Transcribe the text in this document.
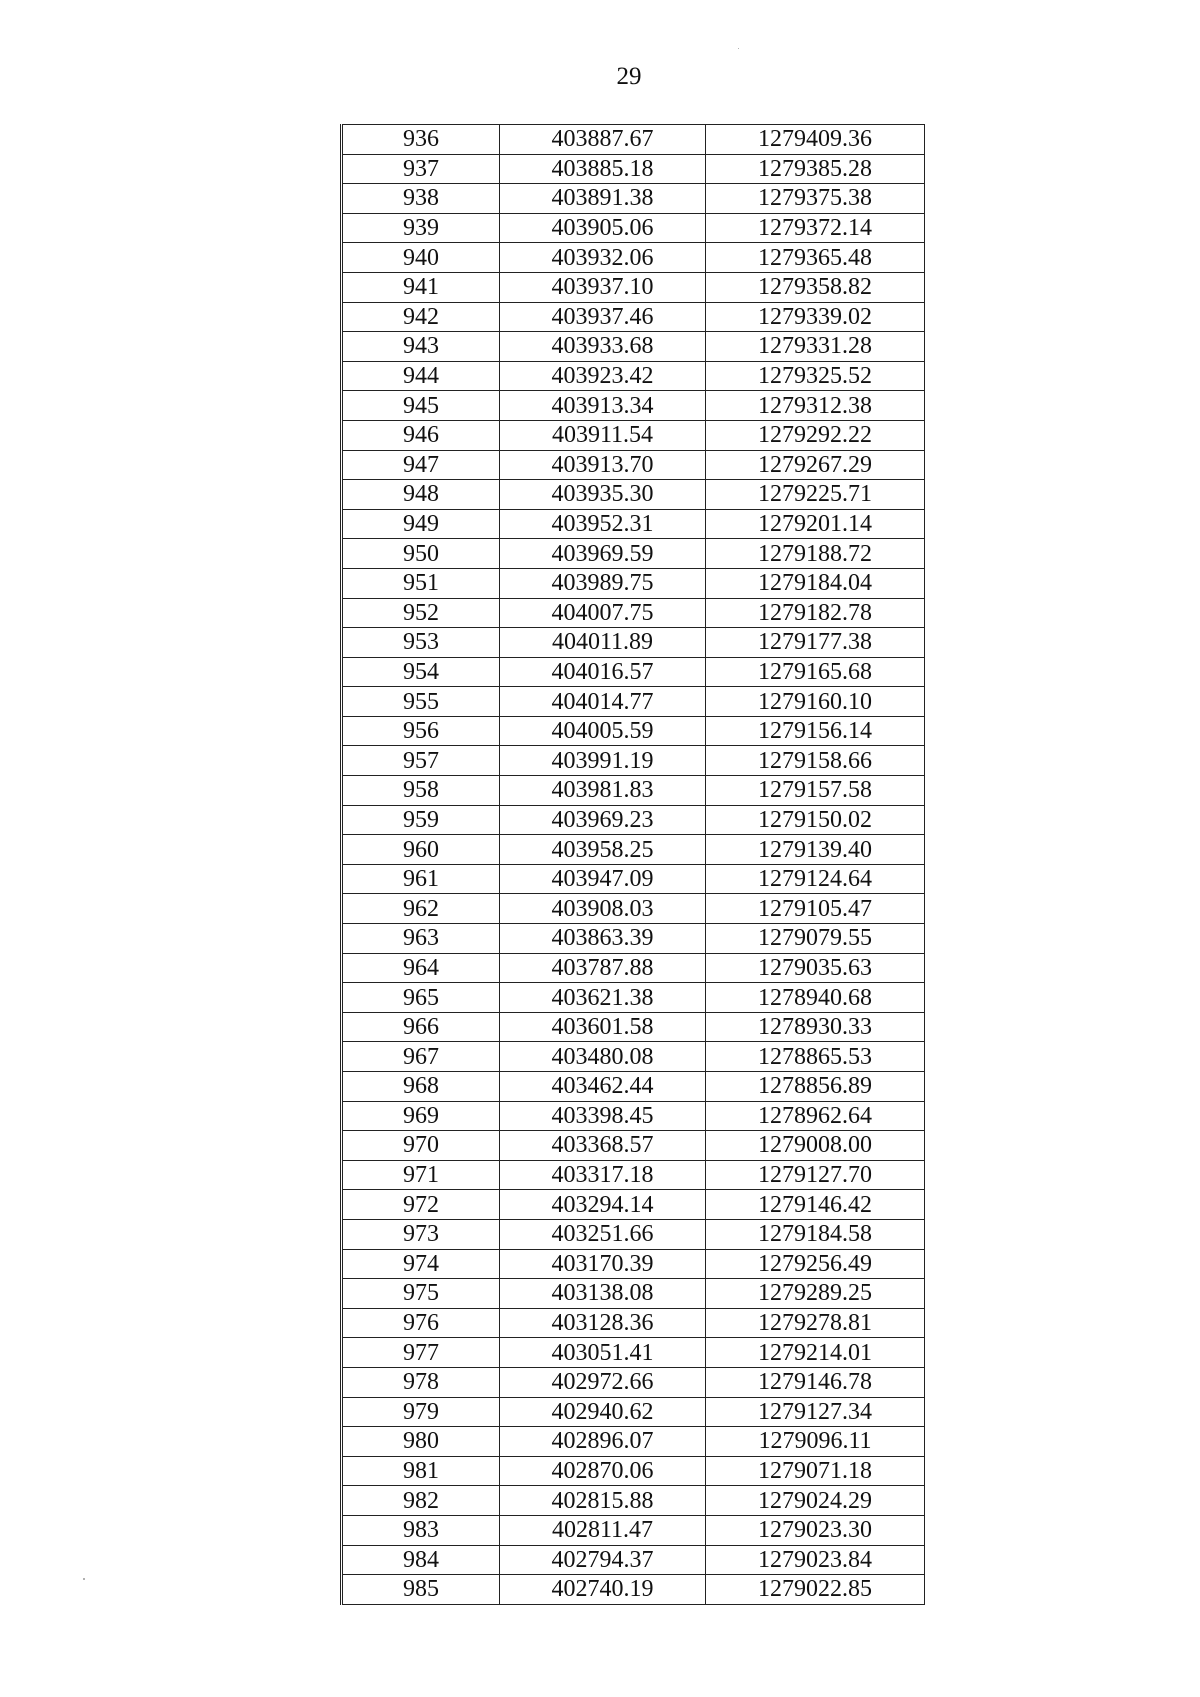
29
936	403887.67	1279409.36
937	403885.18	1279385.28
938	403891.38	1279375.38
939	403905.06	1279372.14
940	403932.06	1279365.48
941	403937.10	1279358.82
942	403937.46	1279339.02
943	403933.68	1279331.28
944	403923.42	1279325.52
945	403913.34	1279312.38
946	403911.54	1279292.22
947	403913.70	1279267.29
948	403935.30	1279225.71
949	403952.31	1279201.14
950	403969.59	1279188.72
951	403989.75	1279184.04
952	404007.75	1279182.78
953	404011.89	1279177.38
954	404016.57	1279165.68
955	404014.77	1279160.10
956	404005.59	1279156.14
957	403991.19	1279158.66
958	403981.83	1279157.58
959	403969.23	1279150.02
960	403958.25	1279139.40
961	403947.09	1279124.64
962	403908.03	1279105.47
963	403863.39	1279079.55
964	403787.88	1279035.63
965	403621.38	1278940.68
966	403601.58	1278930.33
967	403480.08	1278865.53
968	403462.44	1278856.89
969	403398.45	1278962.64
970	403368.57	1279008.00
971	403317.18	1279127.70
972	403294.14	1279146.42
973	403251.66	1279184.58
974	403170.39	1279256.49
975	403138.08	1279289.25
976	403128.36	1279278.81
977	403051.41	1279214.01
978	402972.66	1279146.78
979	402940.62	1279127.34
980	402896.07	1279096.11
981	402870.06	1279071.18
982	402815.88	1279024.29
983	402811.47	1279023.30
984	402794.37	1279023.84
985	402740.19	1279022.85
